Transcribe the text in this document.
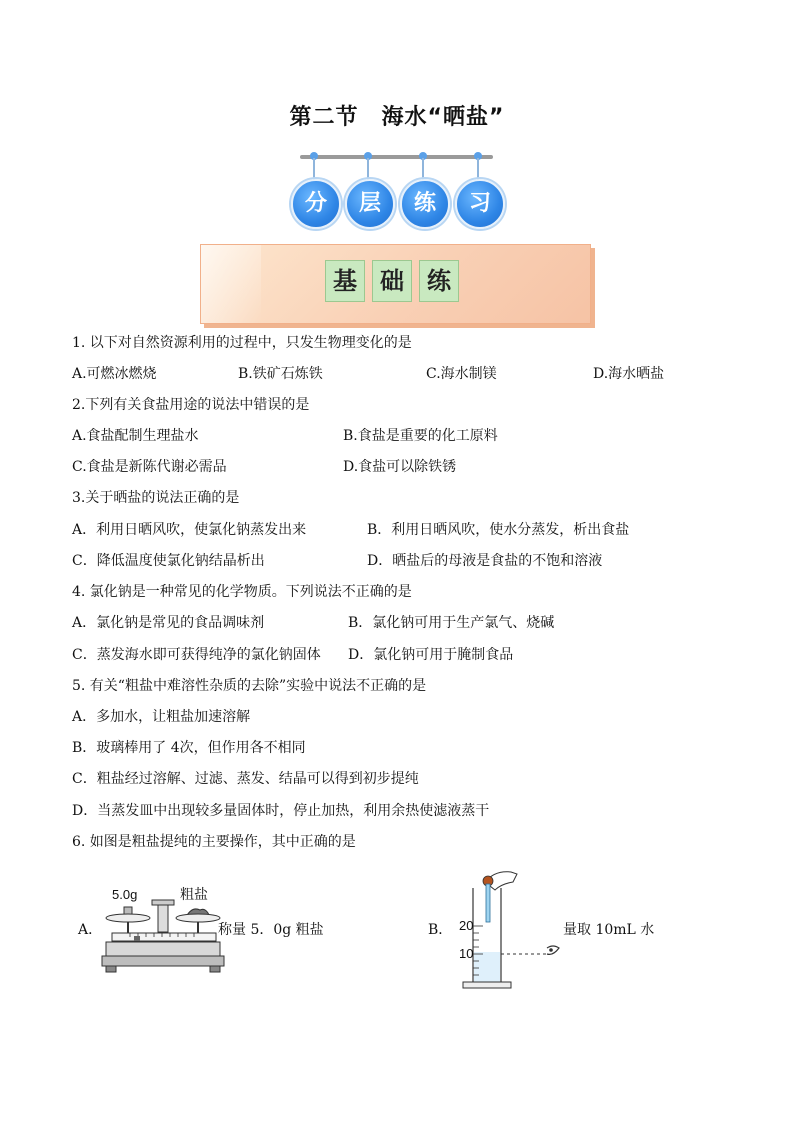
第二节　海水“晒盐”
分	层	练	习
基 础 练
1. 以下对自然资源利用的过程中，只发生物理变化的是
A.可燃冰燃烧	B.铁矿石炼铁	C.海水制镁	D.海水晒盐
2.下列有关食盐用途的说法中错误的是
A.食盐配制生理盐水	B.食盐是重要的化工原料
C.食盐是新陈代谢必需品	D.食盐可以除铁锈
3.关于晒盐的说法正确的是
A．利用日晒风吹，使氯化钠蒸发出来	B．利用日晒风吹，使水分蒸发，析出食盐
C．降低温度使氯化钠结晶析出	D．晒盐后的母液是食盐的不饱和溶液
4. 氯化钠是一种常见的化学物质。下列说法不正确的是
A．氯化钠是常见的食品调味剂	B．氯化钠可用于生产氯气、烧碱
C．蒸发海水即可获得纯净的氯化钠固体 D．氯化钠可用于腌制食品
5. 有关“粗盐中难溶性杂质的去除”实验中说法不正确的是
A．多加水，让粗盐加速溶解
B．玻璃棒用了 4次，但作用各不相同
C．粗盐经过溶解、过滤、蒸发、结晶可以得到初步提纯
D．当蒸发皿中出现较多量固体时，停止加热，利用余热使滤液蒸干
6. 如图是粗盐提纯的主要操作，其中正确的是
A．	B．
5.0g	粗盐
称量 5．0g 粗盐	20
10
量取 10mL 水
